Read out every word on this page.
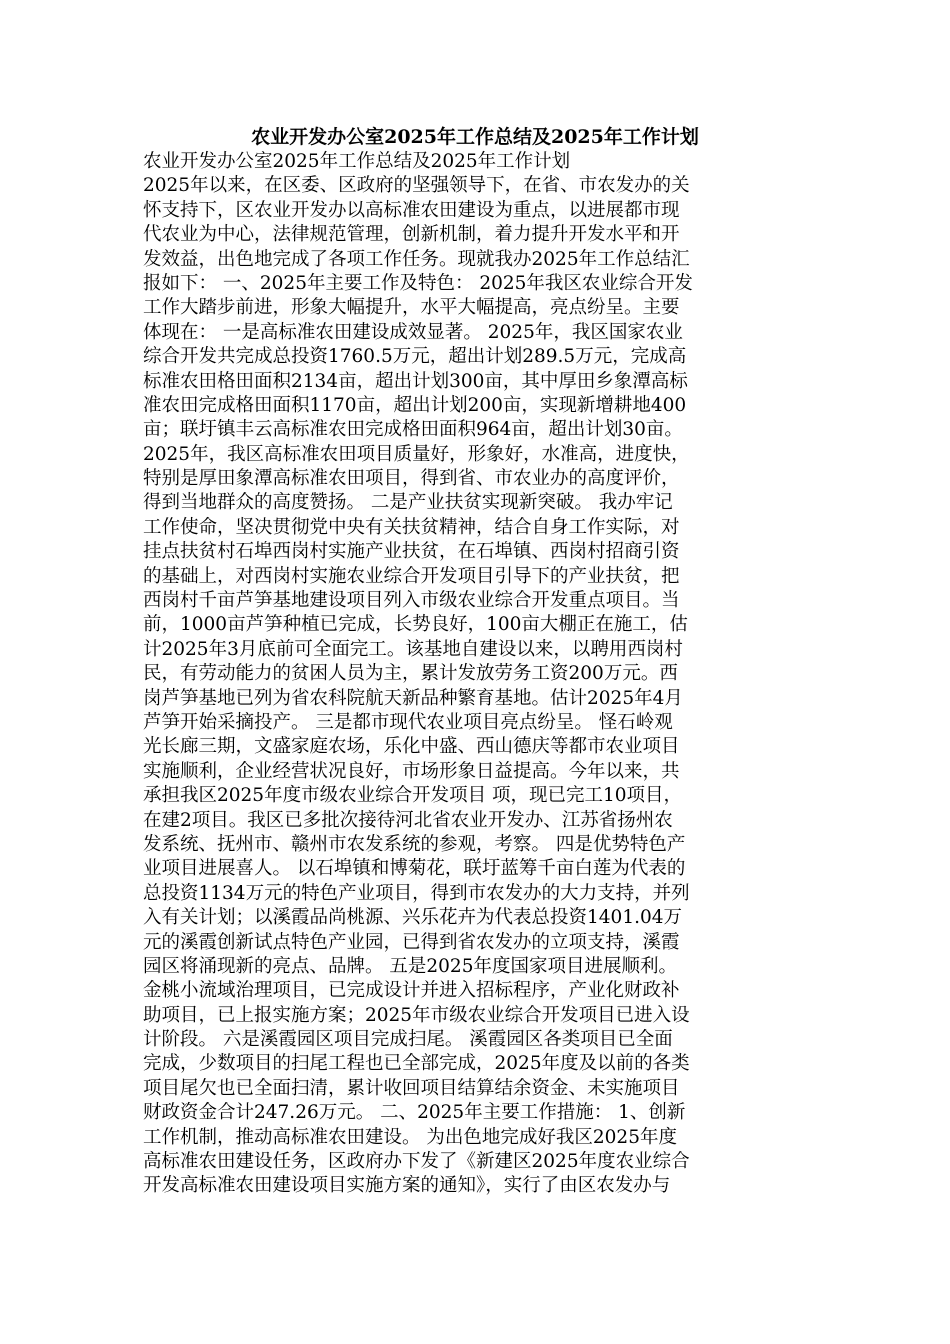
农业开发办公室2025年工作总结及2025年工作计划
农业开发办公室2025年工作总结及2025年工作计划
2025年以来，在区委、区政府的坚强领导下，在省、市农发办的关
怀支持下，区农业开发办以高标准农田建设为重点，以进展都市现
代农业为中心，法律规范管理，创新机制，着力提升开发水平和开
发效益，出色地完成了各项工作任务。现就我办2025年工作总结汇
报如下： 一、2025年主要工作及特色： 2025年我区农业综合开发
工作大踏步前进，形象大幅提升，水平大幅提高，亮点纷呈。主要
体现在： 一是高标准农田建设成效显著。 2025年，我区国家农业
综合开发共完成总投资1760.5万元，超出计划289.5万元，完成高
标准农田格田面积2134亩，超出计划300亩，其中厚田乡象潭高标
准农田完成格田面积1170亩，超出计划200亩，实现新增耕地400
亩；联圩镇丰云高标准农田完成格田面积964亩，超出计划30亩。
2025年，我区高标准农田项目质量好，形象好，水准高，进度快，
特别是厚田象潭高标准农田项目，得到省、市农业办的高度评价，
得到当地群众的高度赞扬。 二是产业扶贫实现新突破。 我办牢记
工作使命，坚决贯彻党中央有关扶贫精神，结合自身工作实际，对
挂点扶贫村石埠西岗村实施产业扶贫，在石埠镇、西岗村招商引资
的基础上，对西岗村实施农业综合开发项目引导下的产业扶贫，把
西岗村千亩芦笋基地建设项目列入市级农业综合开发重点项目。当
前，1000亩芦笋种植已完成，长势良好，100亩大棚正在施工，估
计2025年3月底前可全面完工。该基地自建设以来，以聘用西岗村
民，有劳动能力的贫困人员为主，累计发放劳务工资200万元。西
岗芦笋基地已列为省农科院航天新品种繁育基地。估计2025年4月
芦笋开始采摘投产。 三是都市现代农业项目亮点纷呈。 怪石岭观
光长廊三期，文盛家庭农场，乐化中盛、西山德庆等都市农业项目
实施顺利，企业经营状况良好，市场形象日益提高。今年以来，共
承担我区2025年度市级农业综合开发项目 项，现已完工10项目，
在建2项目。我区已多批次接待河北省农业开发办、江苏省扬州农
发系统、抚州市、赣州市农发系统的参观，考察。 四是优势特色产
业项目进展喜人。 以石埠镇和博菊花，联圩蓝筹千亩白莲为代表的
总投资1134万元的特色产业项目，得到市农发办的大力支持，并列
入有关计划；以溪霞品尚桃源、兴乐花卉为代表总投资1401.04万
元的溪霞创新试点特色产业园，已得到省农发办的立项支持，溪霞
园区将涌现新的亮点、品牌。 五是2025年度国家项目进展顺利。
金桃小流域治理项目，已完成设计并进入招标程序，产业化财政补
助项目，已上报实施方案；2025年市级农业综合开发项目已进入设
计阶段。 六是溪霞园区项目完成扫尾。 溪霞园区各类项目已全面
完成，少数项目的扫尾工程也已全部完成，2025年度及以前的各类
项目尾欠也已全面扫清，累计收回项目结算结余资金、未实施项目
财政资金合计247.26万元。 二、2025年主要工作措施： 1、创新
工作机制，推动高标准农田建设。 为出色地完成好我区2025年度
高标准农田建设任务，区政府办下发了《新建区2025年度农业综合
开发高标准农田建设项目实施方案的通知》，实行了由区农发办与
